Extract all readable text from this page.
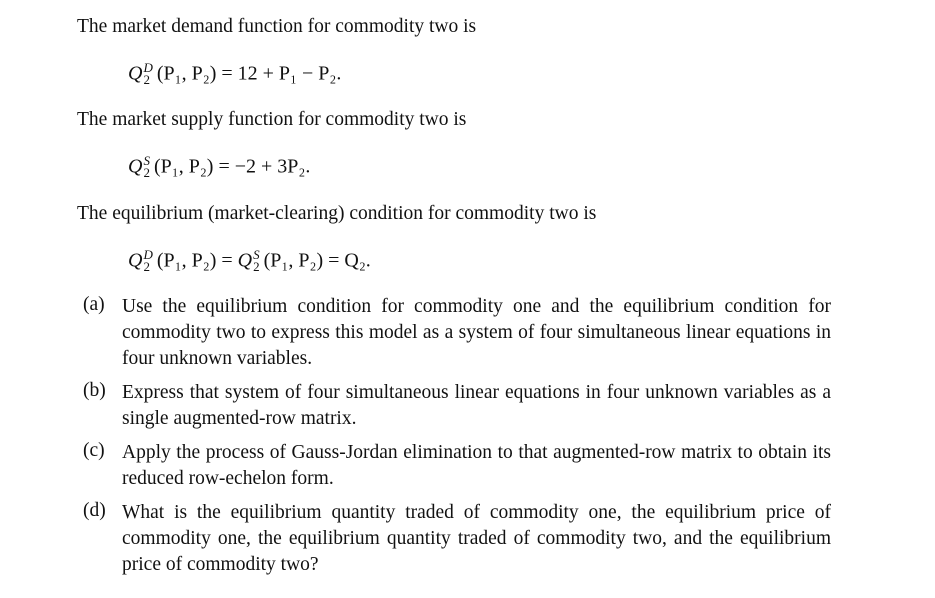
The market demand function for commodity two is
Q D
2 (P₁, P₂) = 12 + P₁ − P₂.
The market supply function for commodity two is
Q S
2 (P₁, P₂) = −2 + 3P₂.
The equilibrium (market-clearing) condition for commodity two is
Q D
2 (P₁, P₂) = Q S
2 (P₁, P₂) = Q₂.
(a) Use the equilibrium condition for commodity one and the equilibrium condition for commodity two to express this model as a system of four simultaneous linear equations in four unknown variables.
(b) Express that system of four simultaneous linear equations in four unknown variables as a single augmented-row matrix.
(c) Apply the process of Gauss-Jordan elimination to that augmented-row matrix to obtain its reduced row-echelon form.
(d) What is the equilibrium quantity traded of commodity one, the equilibrium price of commodity one, the equilibrium quantity traded of commodity two, and the equilibrium price of commodity two?
